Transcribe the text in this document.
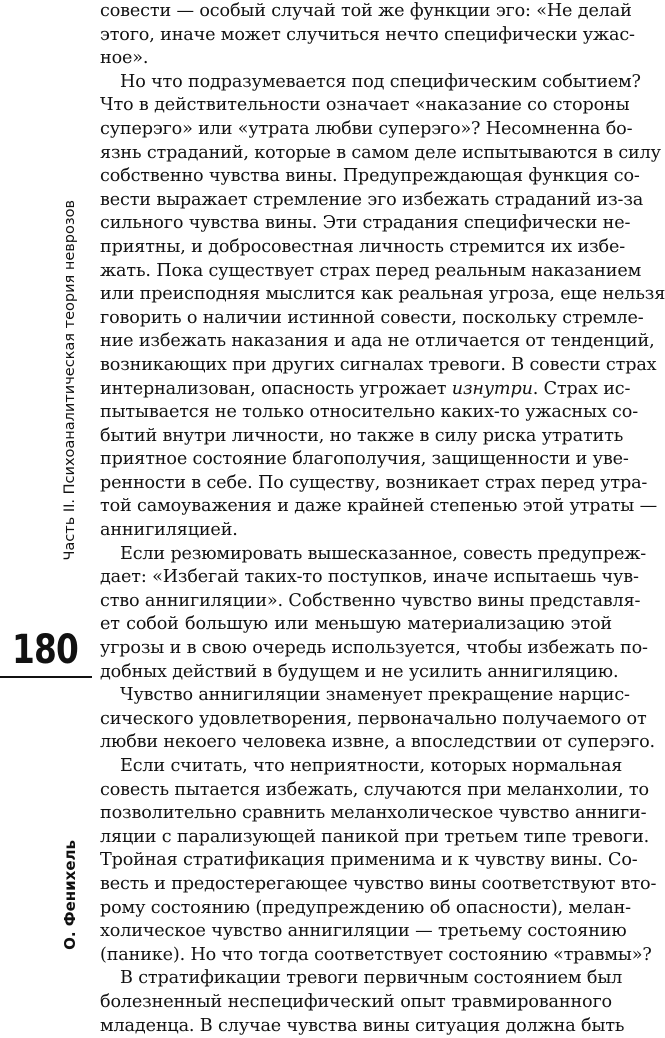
Часть II. Психоаналитическая теория неврозов
180
О. Фенихель

совести — особый случай той же функции эго: «Не делай
этого, иначе может случиться нечто специфически ужас-
ное».

Но что подразумевается под специфическим событием?
Что в действительности означает «наказание со стороны
суперэго» или «утрата любви суперэго»? Несомненна бо-
язнь страданий, которые в самом деле испытываются в силу
собственно чувства вины. Предупреждающая функция со-
вести выражает стремление эго избежать страданий из-за
сильного чувства вины. Эти страдания специфически не-
приятны, и добросовестная личность стремится их избе-
жать. Пока существует страх перед реальным наказанием
или преисподняя мыслится как реальная угроза, еще нельзя
говорить о наличии истинной совести, поскольку стремле-
ние избежать наказания и ада не отличается от тенденций,
возникающих при других сигналах тревоги. В совести страх
интернализован, опасность угрожает изнутри. Страх ис-
пытывается не только относительно каких-то ужасных со-
бытий внутри личности, но также в силу риска утратить
приятное состояние благополучия, защищенности и уве-
ренности в себе. По существу, возникает страх перед утра-
той самоуважения и даже крайней степенью этой утраты —
аннигиляцией.

Если резюмировать вышесказанное, совесть предупреж-
дает: «Избегай таких-то поступков, иначе испытаешь чув-
ство аннигиляции». Собственно чувство вины представля-
ет собой большую или меньшую материализацию этой
угрозы и в свою очередь используется, чтобы избежать по-
добных действий в будущем и не усилить аннигиляцию.

Чувство аннигиляции знаменует прекращение нарцис-
сического удовлетворения, первоначально получаемого от
любви некоего человека извне, а впоследствии от суперэго.

Если считать, что неприятности, которых нормальная
совесть пытается избежать, случаются при меланхолии, то
позволительно сравнить меланхолическое чувство анниги-
ляции с парализующей паникой при третьем типе тревоги.
Тройная стратификация применима и к чувству вины. Со-
весть и предостерегающее чувство вины соответствуют вто-
рому состоянию (предупреждению об опасности), мелан-
холическое чувство аннигиляции — третьему состоянию
(панике). Но что тогда соответствует состоянию «травмы»?

В стратификации тревоги первичным состоянием был
болезненный неспецифический опыт травмированного
младенца. В случае чувства вины ситуация должна быть
